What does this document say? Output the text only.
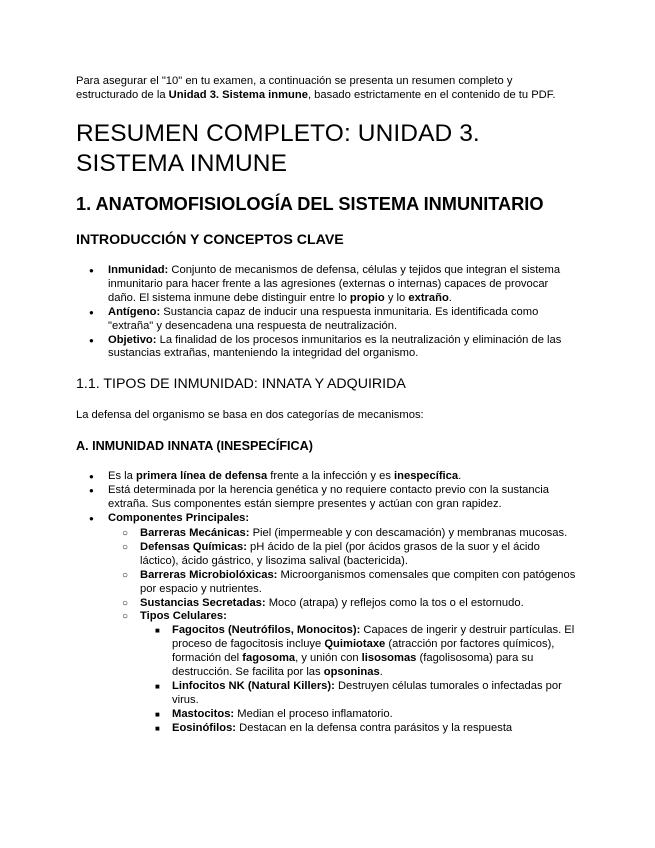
Para asegurar el "10" en tu examen, a continuación se presenta un resumen completo y estructurado de la Unidad 3. Sistema inmune, basado estrictamente en el contenido de tu PDF.

RESUMEN COMPLETO: UNIDAD 3. SISTEMA INMUNE
1. ANATOMOFISIOLOGÍA DEL SISTEMA INMUNITARIO
INTRODUCCIÓN Y CONCEPTOS CLAVE
● Inmunidad: Conjunto de mecanismos de defensa, células y tejidos que integran el sistema inmunitario para hacer frente a las agresiones (externas o internas) capaces de provocar daño. El sistema inmune debe distinguir entre lo propio y lo extraño.
● Antígeno: Sustancia capaz de inducir una respuesta inmunitaria. Es identificada como "extraña" y desencadena una respuesta de neutralización.
● Objetivo: La finalidad de los procesos inmunitarios es la neutralización y eliminación de las sustancias extrañas, manteniendo la integridad del organismo.
1.1. TIPOS DE INMUNIDAD: INNATA Y ADQUIRIDA

La defensa del organismo se basa en dos categorías de mecanismos:

A. INMUNIDAD INNATA (INESPECÍFICA)
● Es la primera línea de defensa frente a la infección y es inespecífica.
● Está determinada por la herencia genética y no requiere contacto previo con la sustancia extraña. Sus componentes están siempre presentes y actúan con gran rapidez.
● Componentes Principales:
○ Barreras Mecánicas: Piel (impermeable y con descamación) y membranas mucosas.
○ Defensas Químicas: pH ácido de la piel (por ácidos grasos de la suor y el ácido láctico), ácido gástrico, y lisozima salival (bactericida).
○ Barreras Microbiolóxicas: Microorganismos comensales que compiten con patógenos por espacio y nutrientes.
○ Sustancias Secretadas: Moco (atrapa) y reflejos como la tos o el estornudo.
○ Tipos Celulares:
■ Fagocitos (Neutrófilos, Monocitos): Capaces de ingerir y destruir partículas. El proceso de fagocitosis incluye Quimiotaxe (atracción por factores químicos), formación del fagosoma, y unión con lisosomas (fagolisosoma) para su destrucción. Se facilita por las opsoninas.
■ Linfocitos NK (Natural Killers): Destruyen células tumorales o infectadas por virus.
■ Mastocitos: Median el proceso inflamatorio.
■ Eosinófilos: Destacan en la defensa contra parásitos y la respuesta
